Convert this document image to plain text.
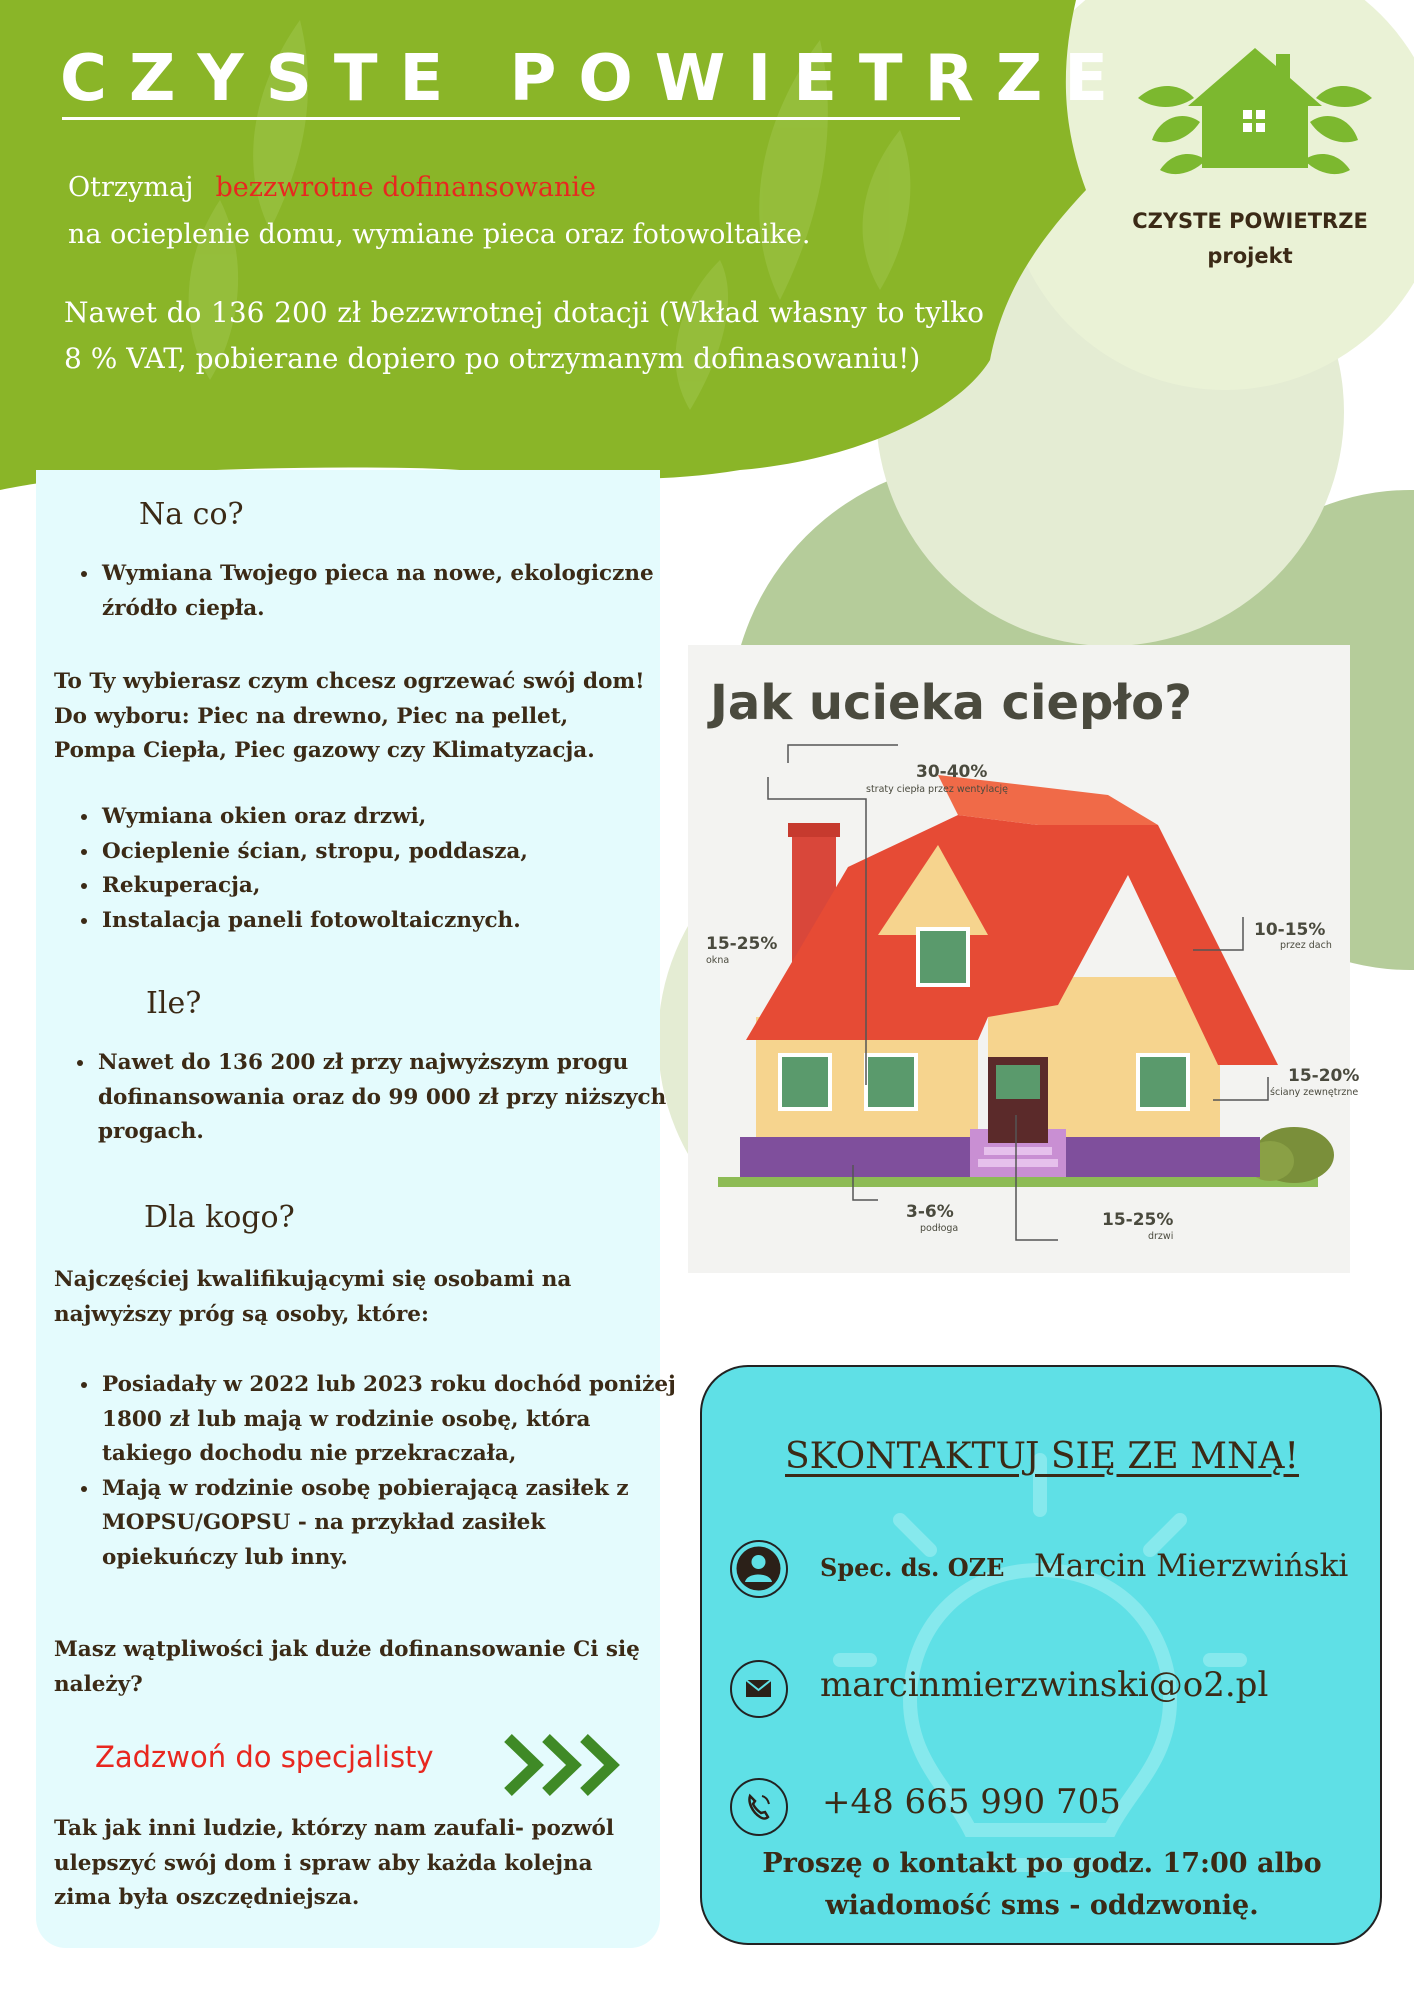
CZYSTE POWIETRZE
Otrzymaj bezzwrotne dofinansowanie
na ocieplenie domu, wymiane pieca oraz fotowoltaike.
Nawet do 136 200 zł bezzwrotnej dotacji (Wkład własny to tylko 8 % VAT, pobierane dopiero po otrzymanym dofinasowaniu!)
CZYSTE POWIETRZE
projekt
Na co?
• Wymiana Twojego pieca na nowe, ekologiczne źródło ciepła.
To Ty wybierasz czym chcesz ogrzewać swój dom! Do wyboru: Piec na drewno, Piec na pellet, Pompa Ciepła, Piec gazowy czy Klimatyzacja.
• Wymiana okien oraz drzwi,
• Ocieplenie ścian, stropu, poddasza,
• Rekuperacja,
• Instalacja paneli fotowoltaicznych.
Ile?
• Nawet do 136 200 zł przy najwyższym progu dofinansowania oraz do 99 000 zł przy niższych progach.
Dla kogo?
Najczęściej kwalifikującymi się osobami na najwyższy próg są osoby, które:
• Posiadały w 2022 lub 2023 roku dochód poniżej 1800 zł lub mają w rodzinie osobę, która takiego dochodu nie przekraczała,
• Mają w rodzinie osobę pobierającą zasiłek z MOPSU/GOPSU - na przykład zasiłek opiekuńczy lub inny.
Masz wątpliwości jak duże dofinansowanie Ci się należy?
Zadzwoń do specjalisty
Tak jak inni ludzie, którzy nam zaufali- pozwól ulepszyć swój dom i spraw aby każda kolejna zima była oszczędniejsza.
Jak ucieka ciepło?
30-40%
straty ciepła przez wentylację
15-25%
okna
10-15%
przez dach
15-20%
ściany zewnętrzne
3-6%
podłoga	15-25%
drzwi
SKONTAKTUJ SIĘ ZE MNĄ!
Spec. ds. OZE Marcin Mierzwiński
marcinmierzwinski@o2.pl
+48 665 990 705
Proszę o kontakt po godz. 17:00 albo wiadomość sms - oddzwonię.
